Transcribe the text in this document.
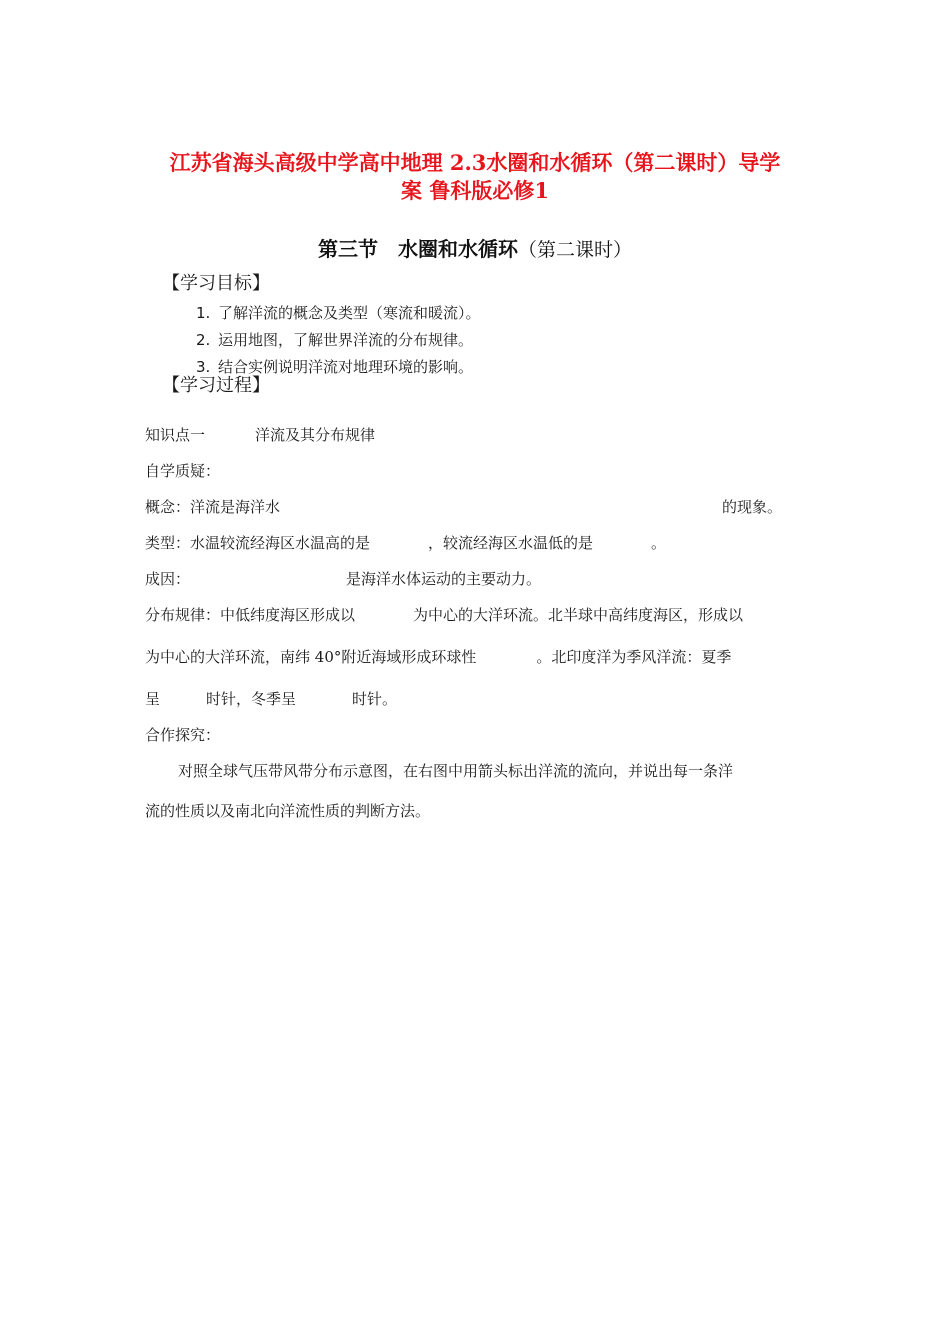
江苏省海头高级中学高中地理 2.3水圈和水循环（第二课时）导学
案 鲁科版必修1
第三节　水圈和水循环（第二课时）

【学习目标】

1. 了解洋流的概念及类型（寒流和暖流）。
2. 运用地图，了解世界洋流的分布规律。
3. 结合实例说明洋流对地理环境的影响。
【学习过程】
知识点一	洋流及其分布规律
自学质疑：
概念：洋流是海洋水	的现象。
类型：水温较流经海区水温高的是	，较流经海区水温低的是	。
成因：	是海洋水体运动的主要动力。
分布规律：中低纬度海区形成以	为中心的大洋环流。北半球中高纬度海区，形成以
为中心的大洋环流，南纬 40°附近海域形成环球性	。北印度洋为季风洋流：夏季
呈	时针，冬季呈	时针。
合作探究：
对照全球气压带风带分布示意图，在右图中用箭头标出洋流的流向，并说出每一条洋
流的性质以及南北向洋流性质的判断方法。
